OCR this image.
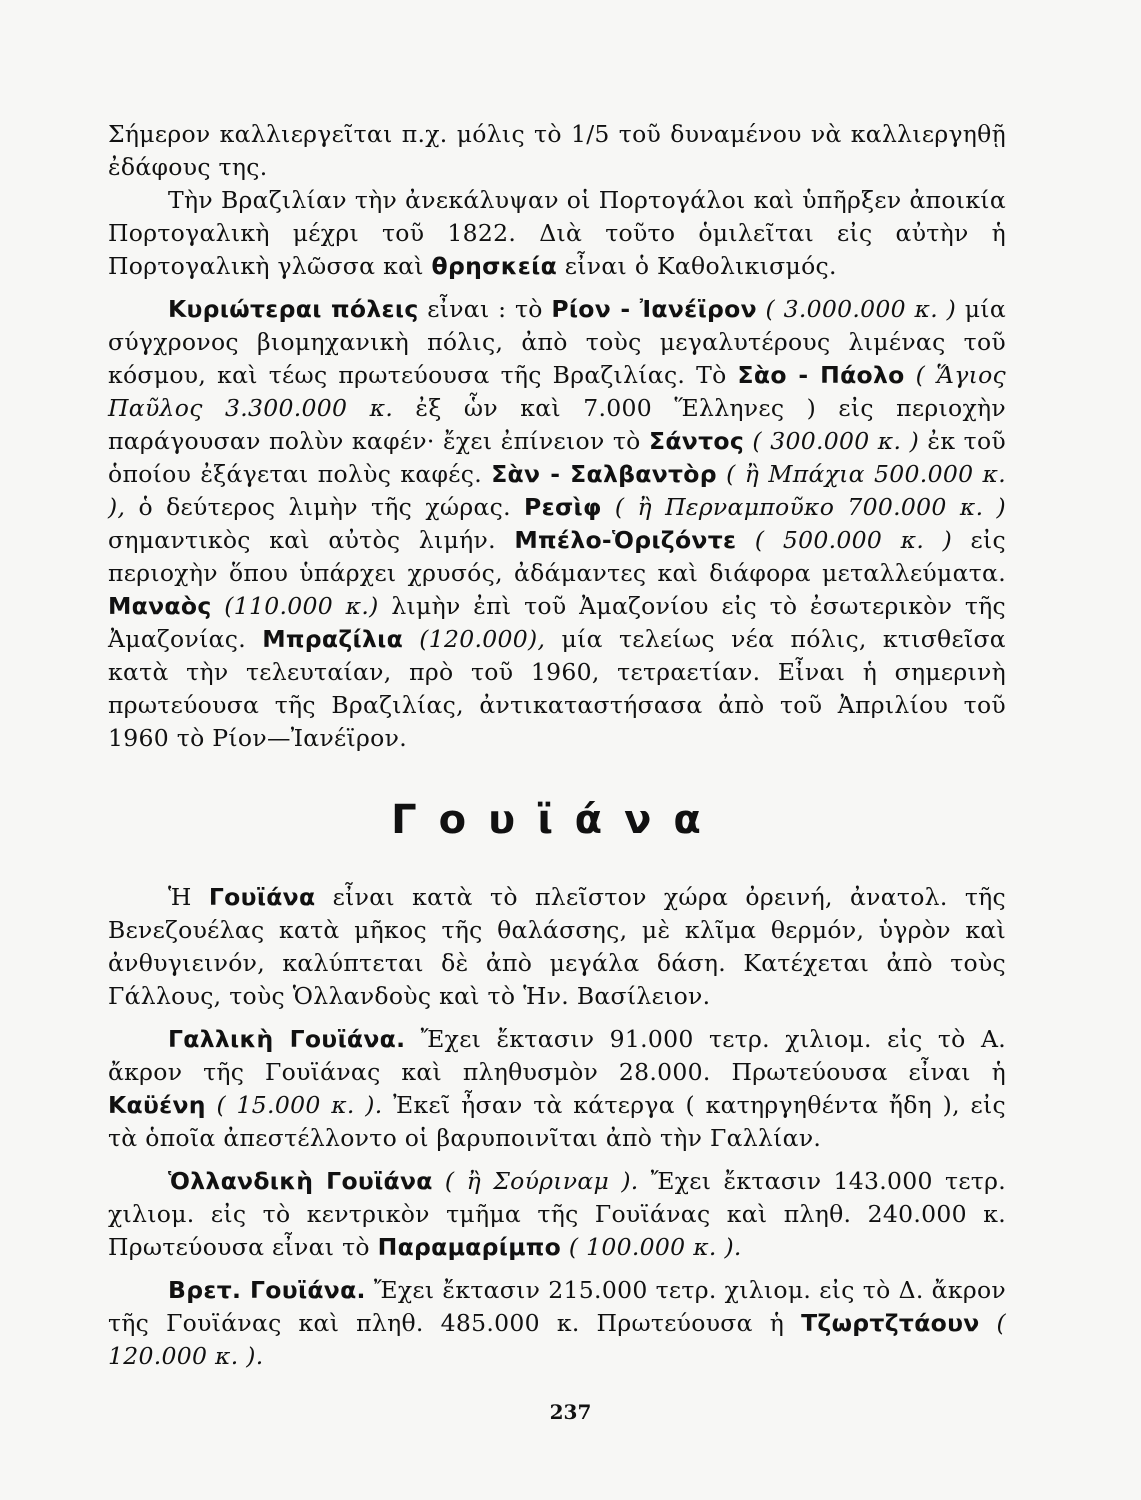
Σήμερον καλλιεργεῖται π.χ. μόλις τὸ 1/5 τοῦ δυναμένου νὰ καλλιεργηθῇ ἐδάφους της.

Τὴν Βραζιλίαν τὴν ἀνεκάλυψαν οἱ Πορτογάλοι καὶ ὑπῆρξεν ἀποικία Πορτογαλικὴ μέχρι τοῦ 1822. Διὰ τοῦτο ὁμιλεῖται εἰς αὐτὴν ἡ Πορτογαλικὴ γλῶσσα καὶ θρησκεία εἶναι ὁ Καθολικισμός.

Κυριώτεραι πόλεις εἶναι : τὸ Ρίον - Ἰανέϊρον ( 3.000.000 κ. ) μία σύγχρονος βιομηχανικὴ πόλις, ἀπὸ τοὺς μεγαλυτέρους λιμένας τοῦ κόσμου, καὶ τέως πρωτεύουσα τῆς Βραζιλίας. Τὸ Σὰο - Πάολο ( Ἅγιος Παῦλος 3.300.000 κ. ἐξ ὧν καὶ 7.000 Ἕλληνες ) εἰς περιοχὴν παράγουσαν πολὺν καφέν· ἔχει ἐπίνειον τὸ Σάντος ( 300.000 κ. ) ἐκ τοῦ ὁποίου ἐξάγεται πολὺς καφές. Σὰν - Σαλβαντὸρ ( ἢ Μπάχια 500.000 κ. ), ὁ δεύτερος λιμὴν τῆς χώρας. Ρεσὶφ ( ἢ Περναμποῦκο 700.000 κ. ) σημαντικὸς καὶ αὐτὸς λιμήν. Μπέλο-Ὁριζόντε ( 500.000 κ. ) εἰς περιοχὴν ὅπου ὑπάρχει χρυσός, ἀδάμαντες καὶ διάφορα μεταλλεύματα. Μαναὸς (110.000 κ.) λιμὴν ἐπὶ τοῦ Ἀμαζονίου εἰς τὸ ἐσωτερικὸν τῆς Ἀμαζονίας. Μπραζίλια (120.000), μία τελείως νέα πόλις, κτισθεῖσα κατὰ τὴν τελευταίαν, πρὸ τοῦ 1960, τετραετίαν. Εἶναι ἡ σημερινὴ πρωτεύουσα τῆς Βραζιλίας, ἀντικαταστήσασα ἀπὸ τοῦ Ἀπριλίου τοῦ 1960 τὸ Ρίον—Ἰανέϊρον.

Γουϊάνα

Ἡ Γουϊάνα εἶναι κατὰ τὸ πλεῖστον χώρα ὀρεινή, ἀνατολ. τῆς Βενεζουέλας κατὰ μῆκος τῆς θαλάσσης, μὲ κλῖμα θερμόν, ὑγρὸν καὶ ἀνθυγιεινόν, καλύπτεται δὲ ἀπὸ μεγάλα δάση. Κατέχεται ἀπὸ τοὺς Γάλλους, τοὺς Ὁλλανδοὺς καὶ τὸ Ἡν. Βασίλειον.

Γαλλικὴ Γουϊάνα. Ἔχει ἔκτασιν 91.000 τετρ. χιλιομ. εἰς τὸ Α. ἄκρον τῆς Γουϊάνας καὶ πληθυσμὸν 28.000. Πρωτεύουσα εἶναι ἡ Καϋένη ( 15.000 κ. ). Ἐκεῖ ἦσαν τὰ κάτεργα ( κατηργηθέντα ἤδη ), εἰς τὰ ὁποῖα ἀπεστέλλοντο οἱ βαρυποινῖται ἀπὸ τὴν Γαλλίαν.

Ὁλλανδικὴ Γουϊάνα ( ἢ Σούριναμ ). Ἔχει ἔκτασιν 143.000 τετρ. χιλιομ. εἰς τὸ κεντρικὸν τμῆμα τῆς Γουϊάνας καὶ πληθ. 240.000 κ. Πρωτεύουσα εἶναι τὸ Παραμαρίμπο ( 100.000 κ. ).

Βρετ. Γουϊάνα. Ἔχει ἔκτασιν 215.000 τετρ. χιλιομ. εἰς τὸ Δ. ἄκρον τῆς Γουϊάνας καὶ πληθ. 485.000 κ. Πρωτεύουσα ἡ Τζωρτζτάουν ( 120.000 κ. ).

237
